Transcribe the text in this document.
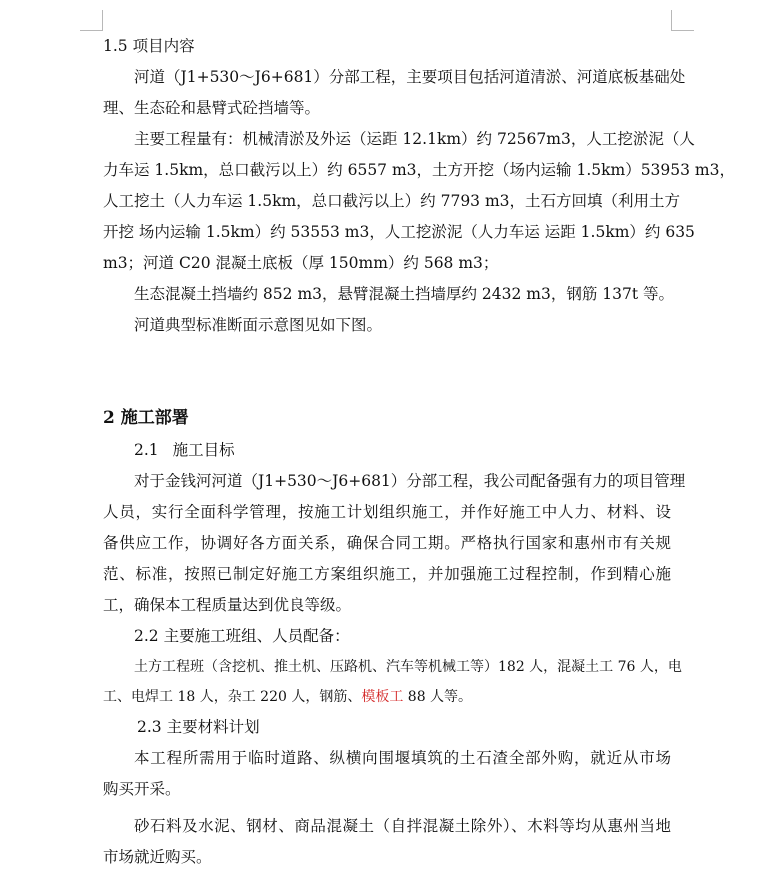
1.5 项目内容
河道（J1+530～J6+681）分部工程，主要项目包括河道清淤、河道底板基础处
理、生态砼和悬臂式砼挡墙等。
主要工程量有：机械清淤及外运（运距 12.1km）约 72567m3，人工挖淤泥（人
力车运 1.5km，总口截污以上）约 6557 m3，土方开挖（场内运输 1.5km）53953 m3，
人工挖土（人力车运 1.5km，总口截污以上）约 7793 m3，土石方回填（利用土方
开挖 场内运输 1.5km）约 53553 m3，人工挖淤泥（人力车运 运距 1.5km）约 635
m3；河道 C20 混凝土底板（厚 150mm）约 568 m3；
生态混凝土挡墙约 852 m3，悬臂混凝土挡墙厚约 2432 m3，钢筋 137t 等。
河道典型标准断面示意图见如下图。
2 施工部署
2.1 施工目标
对于金钱河河道（J1+530～J6+681）分部工程，我公司配备强有力的项目管理
人员，实行全面科学管理，按施工计划组织施工，并作好施工中人力、材料、设
备供应工作，协调好各方面关系，确保合同工期。严格执行国家和惠州市有关规
范、标准，按照已制定好施工方案组织施工，并加强施工过程控制，作到精心施
工，确保本工程质量达到优良等级。
2.2 主要施工班组、人员配备：
土方工程班（含挖机、推土机、压路机、汽车等机械工等）182 人，混凝土工 76 人，电
工、电焊工 18 人，杂工 220 人，钢筋、模板工 88 人等。
2.3 主要材料计划
本工程所需用于临时道路、纵横向围堰填筑的土石渣全部外购，就近从市场
购买开采。
砂石料及水泥、钢材、商品混凝土（自拌混凝土除外）、木料等均从惠州当地
市场就近购买。
